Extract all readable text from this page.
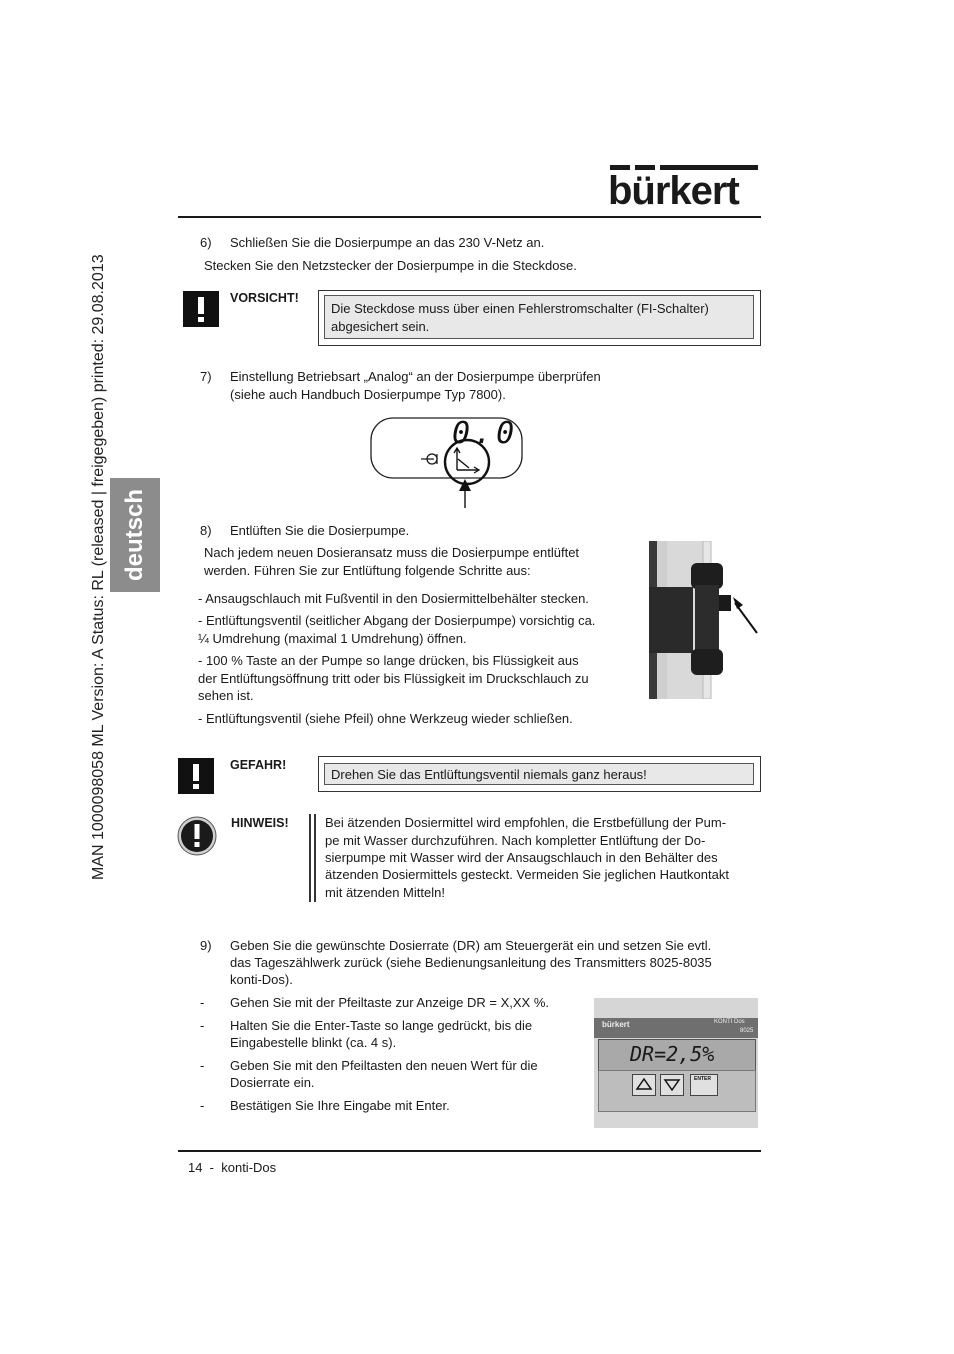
MAN 1000098058 ML Version: A Status: RL (released | freigegeben) printed: 29.08.2013 deutsch
bürkert
6) Schließen Sie die Dosierpumpe an das 230 V-Netz an.
Stecken Sie den Netzstecker der Dosierpumpe in die Steckdose.
VORSICHT!
Die Steckdose muss über einen Fehlerstromschalter (FI-Schalter) abgesichert sein.
7) Einstellung Betriebsart „Analog“ an der Dosierpumpe überprüfen
(siehe auch Handbuch Dosierpumpe Typ 7800).
0.0
8) Entlüften Sie die Dosierpumpe.
Nach jedem neuen Dosieransatz muss die Dosierpumpe entlüftet
werden. Führen Sie zur Entlüftung folgende Schritte aus:
- Ansaugschlauch mit Fußventil in den Dosiermittelbehälter stecken.
- Entlüftungsventil (seitlicher Abgang der Dosierpumpe) vorsichtig ca.
¼ Umdrehung (maximal 1 Umdrehung) öffnen.
- 100 % Taste an der Pumpe so lange drücken, bis Flüssigkeit aus
der Entlüftungsöffnung tritt oder bis Flüssigkeit im Druckschlauch zu
sehen ist.
- Entlüftungsventil (siehe Pfeil) ohne Werkzeug wieder schließen.
GEFAHR!
Drehen Sie das Entlüftungsventil niemals ganz heraus!
HINWEIS!	Bei ätzenden Dosiermittel wird empfohlen, die Erstbefüllung der Pum-
pe mit Wasser durchzuführen. Nach kompletter Entlüftung der Do-
sierpumpe mit Wasser wird der Ansaugschlauch in den Behälter des
ätzenden Dosiermittels gesteckt. Vermeiden Sie jeglichen Hautkontakt
mit ätzenden Mitteln!
9) Geben Sie die gewünschte Dosierrate (DR) am Steuergerät ein und setzen Sie evtl.
das Tageszählwerk zurück (siehe Bedienungsanleitung des Transmitters 8025-8035
konti-Dos).
- Gehen Sie mit der Pfeiltaste zur Anzeige DR = X,XX %.
- Halten Sie die Enter-Taste so lange gedrückt, bis die
Eingabestelle blinkt (ca. 4 s).
- Geben Sie mit den Pfeiltasten den neuen Wert für die
Dosierrate ein.
- Bestätigen Sie Ihre Eingabe mit Enter.
bürkert	KONTI Dos
8025
DR=2,5%
ENTER
14  -  konti-Dos
